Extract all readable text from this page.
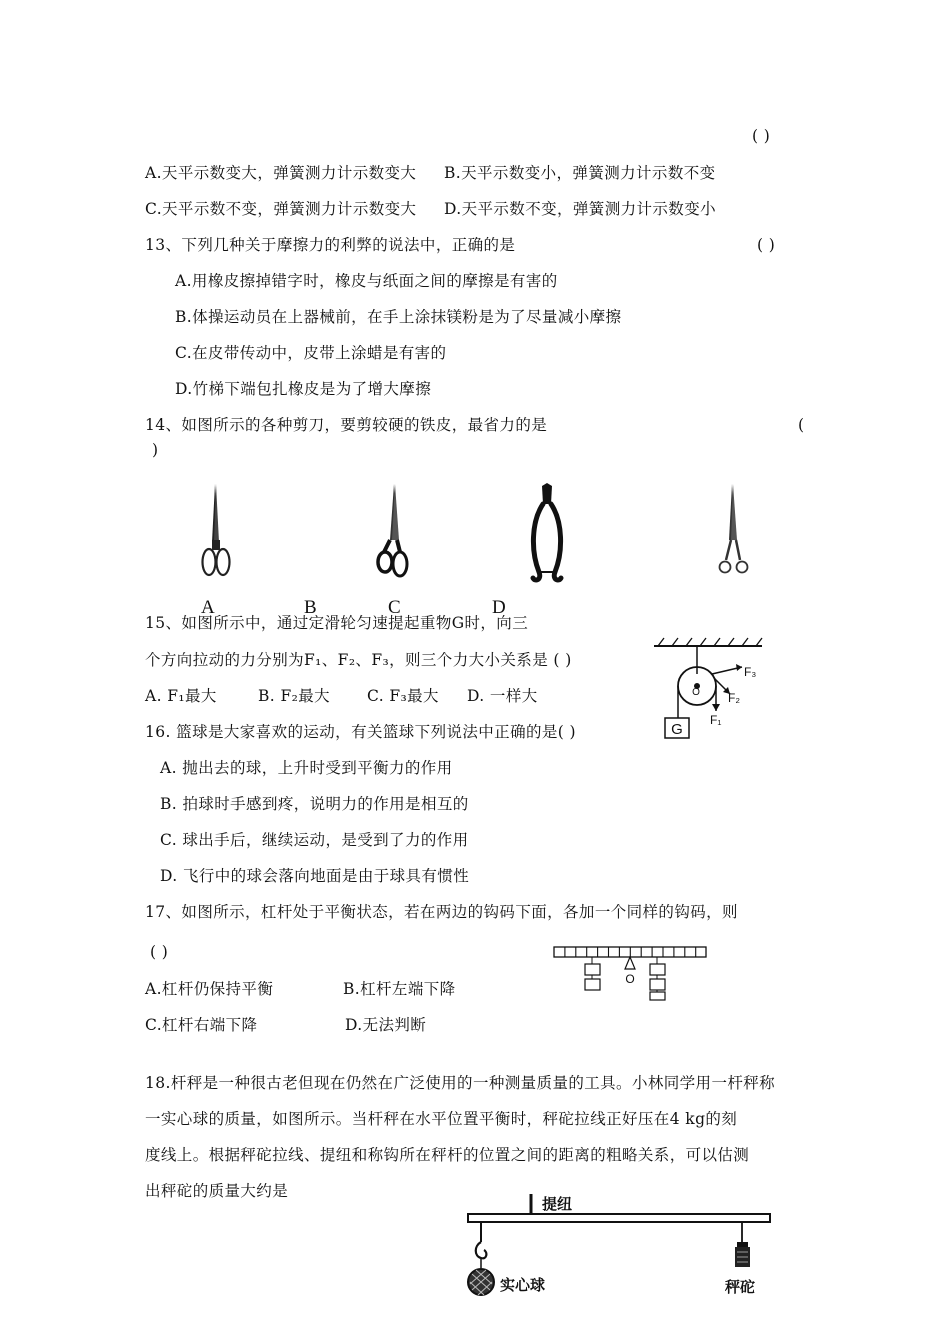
( )
A.天平示数变大，弹簧测力计示数变大 B.天平示数变小，弹簧测力计示数不变
C.天平示数不变，弹簧测力计示数变大 D.天平示数不变，弹簧测力计示数变小
13、下列几种关于摩擦力的利弊的说法中，正确的是	( )
A.用橡皮擦掉错字时，橡皮与纸面之间的摩擦是有害的
B.体操运动员在上器械前，在手上涂抹镁粉是为了尽量减小摩擦
C.在皮带传动中，皮带上涂蜡是有害的
D.竹梯下端包扎橡皮是为了增大摩擦
14、如图所示的各种剪刀，要剪较硬的铁皮，最省力的是	(
)
A	B	C	D
15、如图所示中，通过定滑轮匀速提起重物G时，向三
个方向拉动的力分别为F₁、F₂、F₃，则三个力大小关系是 ( )
A. F₁最大	B. F₂最大 C. F₃最大 D. 一样大
G
O
F₃
F₂
F₁
16. 篮球是大家喜欢的运动，有关篮球下列说法中正确的是( )
A. 抛出去的球，上升时受到平衡力的作用
B. 拍球时手感到疼，说明力的作用是相互的
C. 球出手后，继续运动，是受到了力的作用
D. 飞行中的球会落向地面是由于球具有惯性
17、如图所示，杠杆处于平衡状态，若在两边的钩码下面，各加一个同样的钩码，则
( )
A.杠杆仍保持平衡	B.杠杆左端下降
C.杠杆右端下降	D.无法判断
O
18.杆秤是一种很古老但现在仍然在广泛使用的一种测量质量的工具。小林同学用一杆秤称
一实心球的质量，如图所示。当杆秤在水平位置平衡时，秤砣拉线正好压在4 kg的刻
度线上。根据秤砣拉线、提纽和称钩所在秤杆的位置之间的距离的粗略关系，可以估测
出秤砣的质量大约是
提纽
实心球	秤砣
